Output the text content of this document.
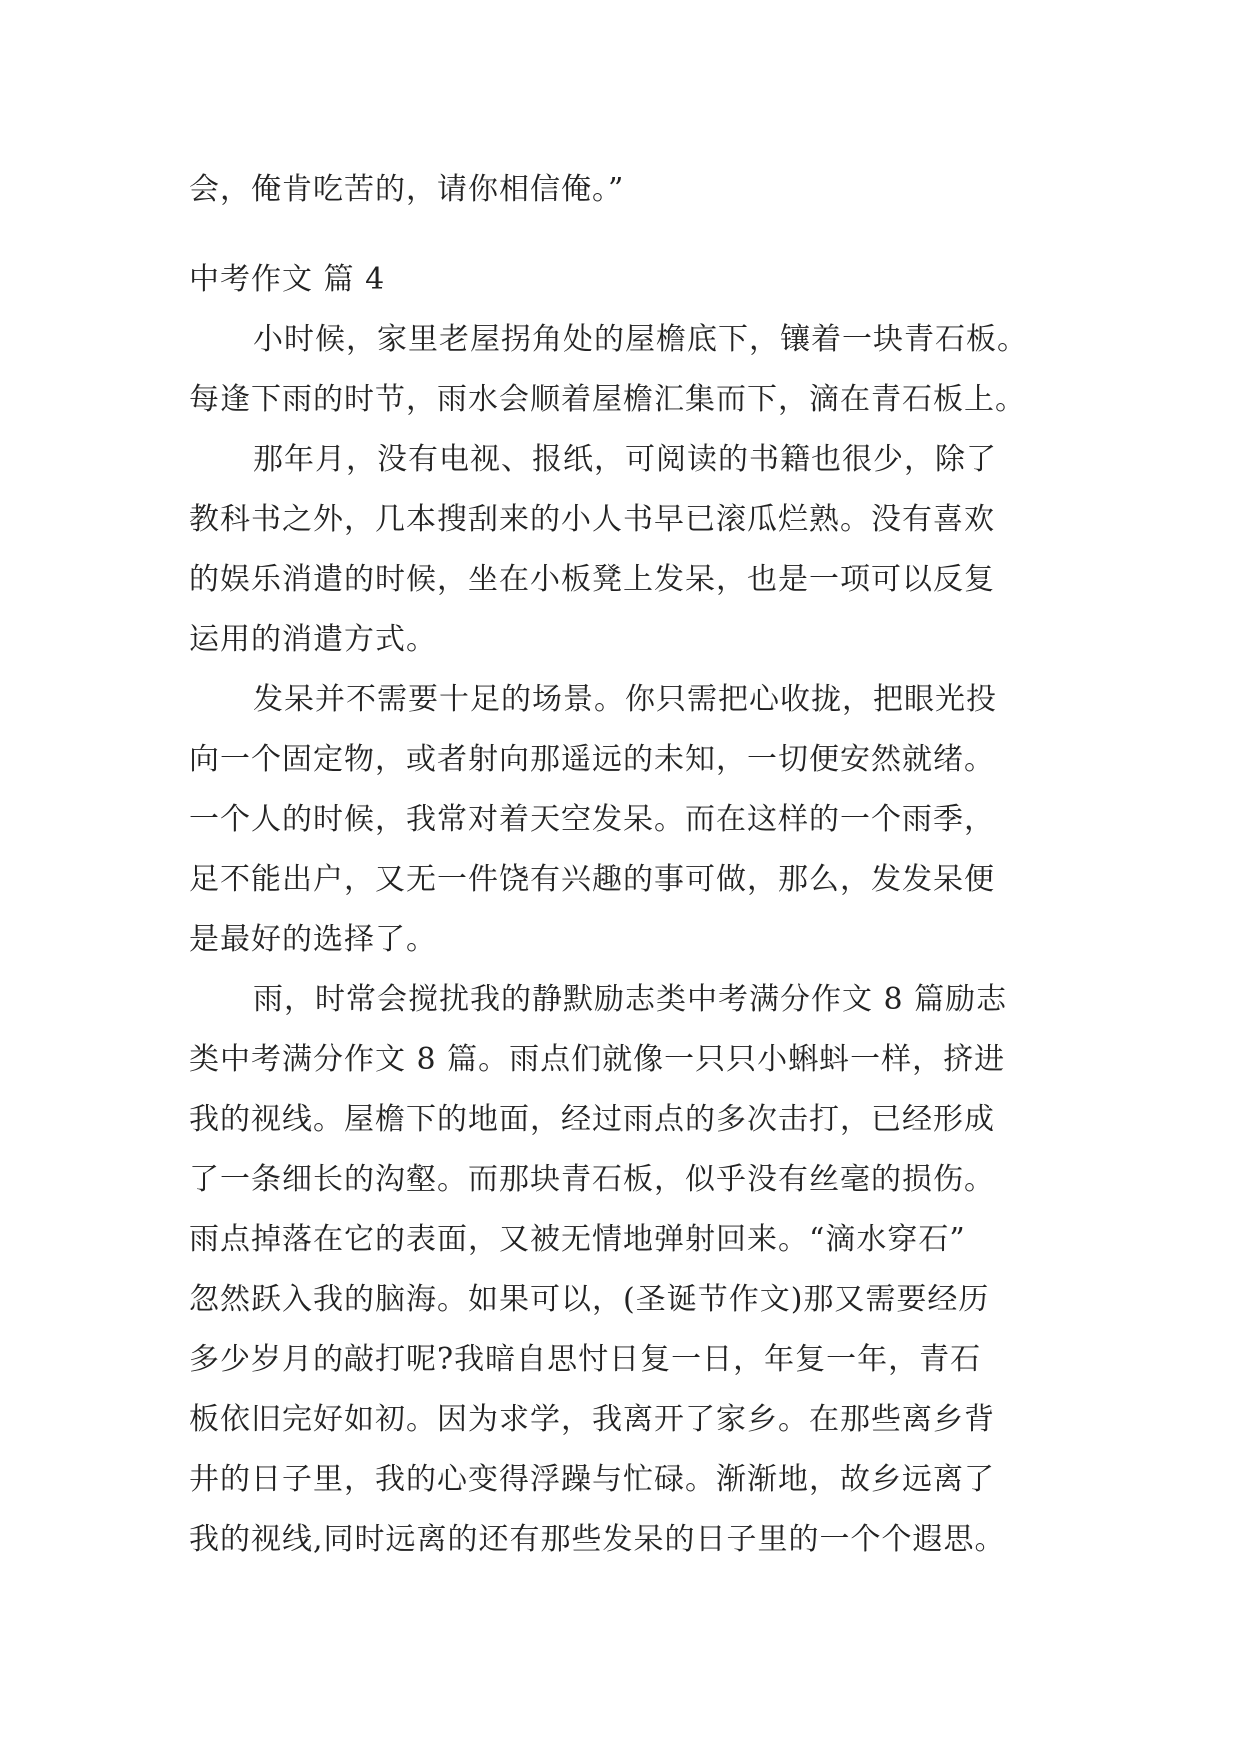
会，俺肯吃苦的，请你相信俺。”
中考作文 篇 4
小时候，家里老屋拐角处的屋檐底下，镶着一块青石板。
每逢下雨的时节，雨水会顺着屋檐汇集而下，滴在青石板上。
那年月，没有电视、报纸，可阅读的书籍也很少，除了
教科书之外，几本搜刮来的小人书早已滚瓜烂熟。没有喜欢
的娱乐消遣的时候，坐在小板凳上发呆，也是一项可以反复
运用的消遣方式。
发呆并不需要十足的场景。你只需把心收拢，把眼光投
向一个固定物，或者射向那遥远的未知，一切便安然就绪。
一个人的时候，我常对着天空发呆。而在这样的一个雨季，
足不能出户，又无一件饶有兴趣的事可做，那么，发发呆便
是最好的选择了。
雨，时常会搅扰我的静默励志类中考满分作文 8 篇励志
类中考满分作文 8 篇。雨点们就像一只只小蝌蚪一样，挤进
我的视线。屋檐下的地面，经过雨点的多次击打，已经形成
了一条细长的沟壑。而那块青石板，似乎没有丝毫的损伤。
雨点掉落在它的表面，又被无情地弹射回来。“滴水穿石”
忽然跃入我的脑海。如果可以，(圣诞节作文)那又需要经历
多少岁月的敲打呢?我暗自思忖日复一日，年复一年，青石
板依旧完好如初。因为求学，我离开了家乡。在那些离乡背
井的日子里，我的心变得浮躁与忙碌。渐渐地，故乡远离了
我的视线,同时远离的还有那些发呆的日子里的一个个遐思。
